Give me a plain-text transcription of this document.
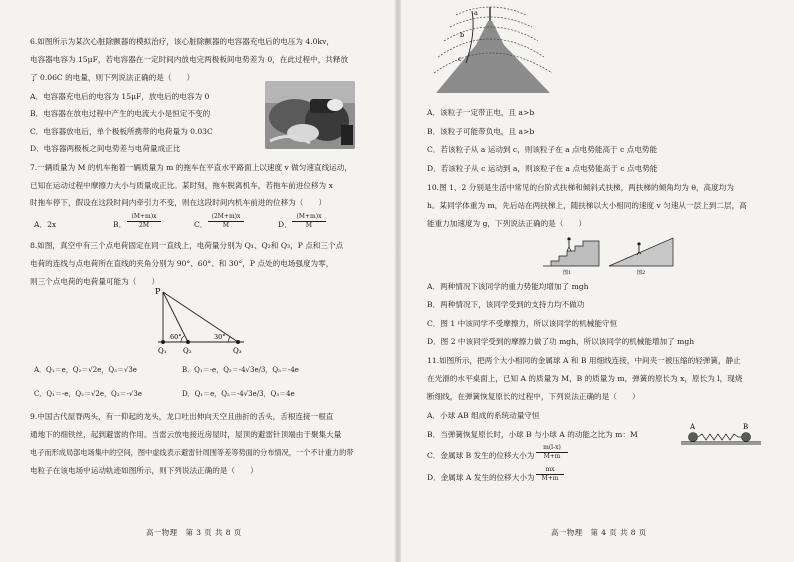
6.如图所示为某次心脏除颤器的模拟治疗，该心脏除颤器的电容器充电后的电压为 4.0kv，
电容器电容为 15μF，若电容器在一定时间内放电完两极板间电势差为 0，在此过程中，共释放
了 0.06C 的电量，则下列说法正确的是（　　）
A．电容器充电后的电容为 15μF，放电后的电容为 0
B．电容器在放电过程中产生的电流大小是恒定不变的
C．电容器放电后，单个极板所携带的电荷量为 0.03C
D．电容器两极板之间电势差与电荷量成正比
7.一辆质量为 M 的机车拖着一辆质量为 m 的拖车在平直水平路面上以速度 v 做匀速直线运动，
已知在运动过程中摩擦力大小与质量成正比。某时刻，拖车脱离机车，若拖车前进位移为 x
时拖车停下，假设在这段时间内牵引力不变，则在这段时间内机车前进的位移为（　　）
A．2x	B．
(M+m)x
2M	C．
(2M+m)x
M	D．
(M+m)x
M
8.如图，真空中有三个点电荷固定在同一直线上，电荷量分别为 Q₁、Q₂和 Q₃，P 点和三个点
电荷的连线与点电荷所在直线的夹角分别为 90°、60°、和 30°，P 点处的电场强度为零，
则三个点电荷的电荷量可能为（　　）
P
60°	30°
Q₁ Q₂	Q₃
A．Q₁＝e，Q₂＝√2e，Q₃＝√3e	B．Q₁＝-e，Q₂＝-4√3e/3，Q₃＝-4e
C．Q₁＝-e，Q₂＝√2e，Q₃＝-√3e	D．Q₁＝e，Q₂＝-4√3e/3，Q₃＝4e
9.中国古代屋脊两头，有一仰起的龙头，龙口吐出伸向天空且曲折的舌头，舌根连接一根直
通地下的细铁丝，起到避雷的作用。当雷云放电接近房屋时，屋顶的避雷针顶端由于聚集大量
电子而形成局部电场集中的空间，图中虚线表示避雷针周围等差等势面的分布情况，一个不计重力的带
电粒子在该电场中运动轨迹如图所示，则下列说法正确的是（　　）
高一物理　第 3 页 共 8 页
a
b
c
A．该粒子一定带正电，且 a>b
B．该粒子可能带负电，且 a>b
C．若该粒子从 a 运动到 c，则该粒子在 a 点电势能高于 c 点电势能
D．若该粒子从 c 运动到 a，则该粒子在 a 点电势能高于 c 点电势能
10.图 1、2 分别是生活中常见的台阶式扶梯和倾斜式扶梯，两扶梯的倾角均为 θ，高度均为
h。某同学体重为 m，先后站在两扶梯上，随扶梯以大小相同的速度 v 匀速从一层上到二层，高
能重力加速度为 g，下列说法正确的是（　　）
图1	图2
A．两种情况下该同学的重力势能均增加了 mgh
B．两种情况下，该同学受到的支持力均不做功
C．图 1 中该同学不受摩擦力，所以该同学的机械能守恒
D．图 2 中该同学受到的摩擦力做了功 mgh，所以该同学的机械能增加了 mgh
11.如图所示，把两个大小相同的金属球 A 和 B 用细线连接，中间夹一被压缩的轻弹簧，静止
在光滑的水平桌面上，已知 A 的质量为 M，B 的质量为 m，弹簧的原长为 x，原长为 l，现烧
断细线，在弹簧恢复原长的过程中，下列说法正确的是（　　）
A．小球 AB 组成的系统动量守恒
B．当弹簧恢复原长时，小球 B 与小球 A 的动能之比为 m：M
A	B
C．金属球 B 发生的位移大小为
m(l-x)
M+m
D．金属球 A 发生的位移大小为
mx
M+m
高一物理　第 4 页 共 8 页
